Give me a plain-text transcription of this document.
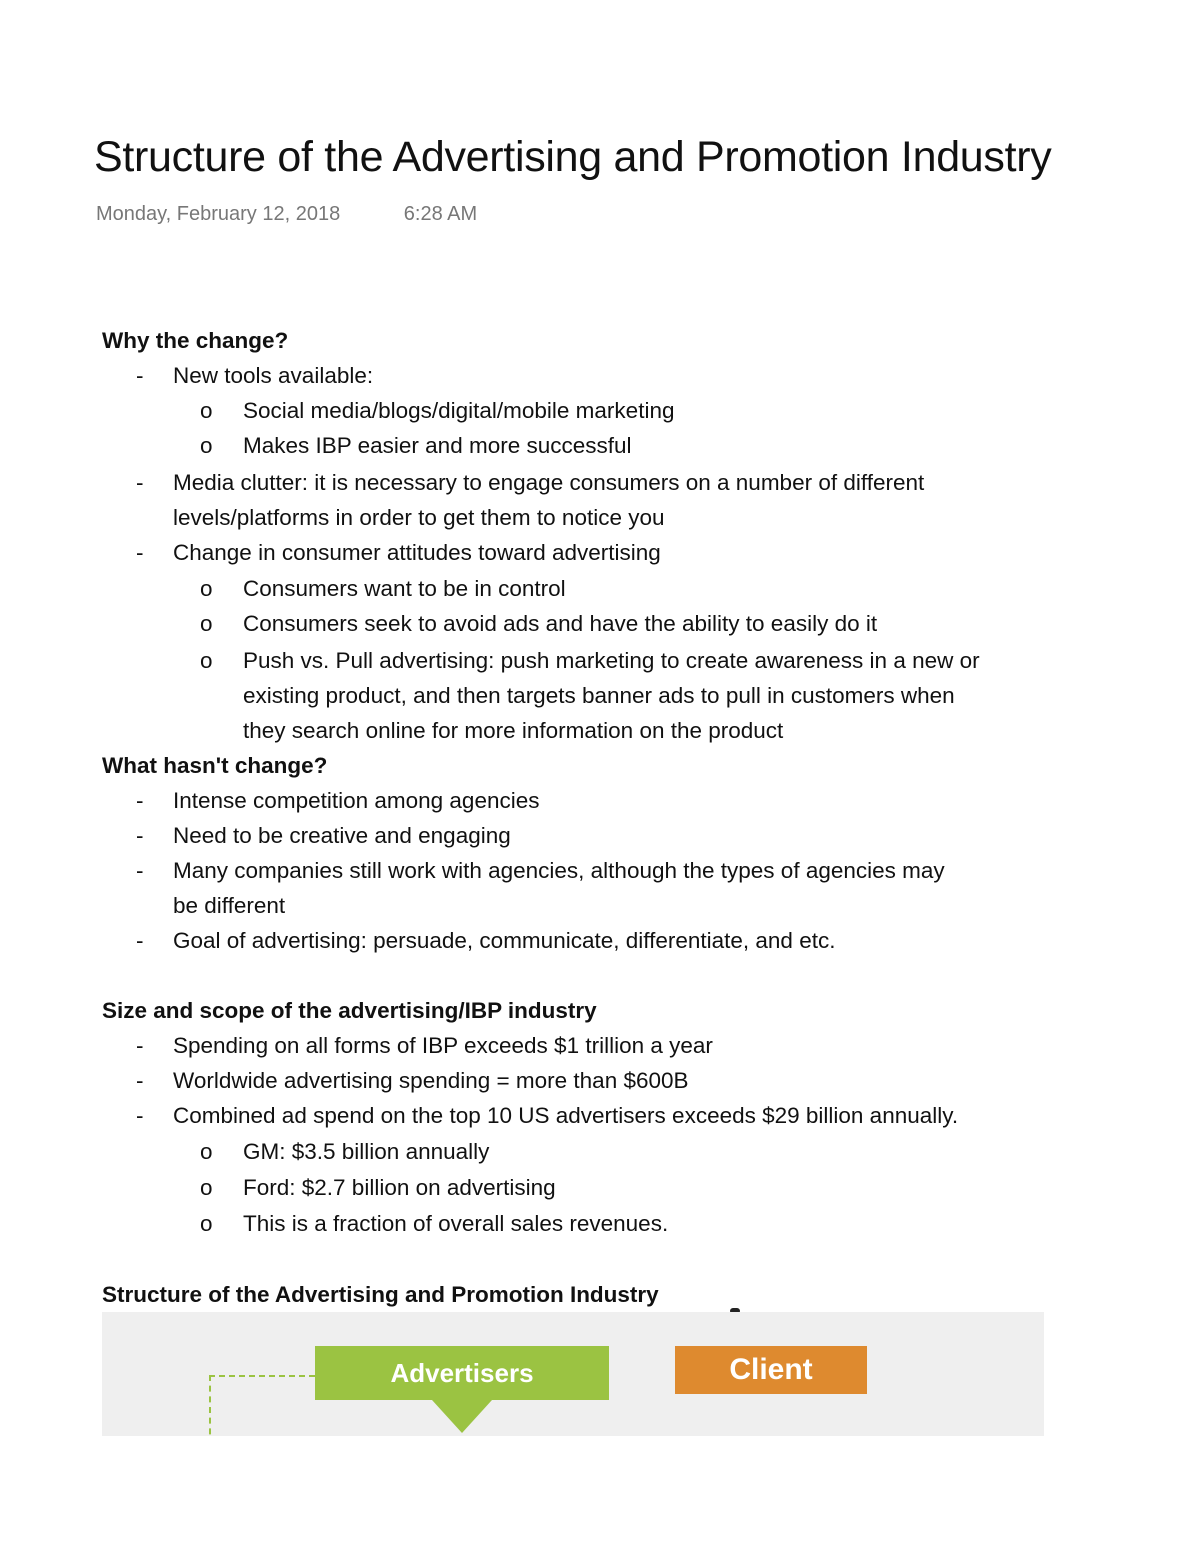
Structure of the Advertising and Promotion Industry
Monday, February 12, 2018	6:28 AM
Why the change?
- New tools available:
o Social media/blogs/digital/mobile marketing
o Makes IBP easier and more successful
- Media clutter: it is necessary to engage consumers on a number of different
levels/platforms in order to get them to notice you
- Change in consumer attitudes toward advertising
o Consumers want to be in control
o Consumers seek to avoid ads and have the ability to easily do it
o Push vs. Pull advertising: push marketing to create awareness in a new or
existing product, and then targets banner ads to pull in customers when
they search online for more information on the product
What hasn't change?
- Intense competition among agencies
- Need to be creative and engaging
- Many companies still work with agencies, although the types of agencies may
be different
- Goal of advertising: persuade, communicate, differentiate, and etc.
Size and scope of the advertising/IBP industry
- Spending on all forms of IBP exceeds $1 trillion a year
- Worldwide advertising spending = more than $600B
- Combined ad spend on the top 10 US advertisers exceeds $29 billion annually.
o GM: $3.5 billion annually
o Ford: $2.7 billion on advertising
o This is a fraction of overall sales revenues.
Structure of the Advertising and Promotion Industry
Advertisers	Client
